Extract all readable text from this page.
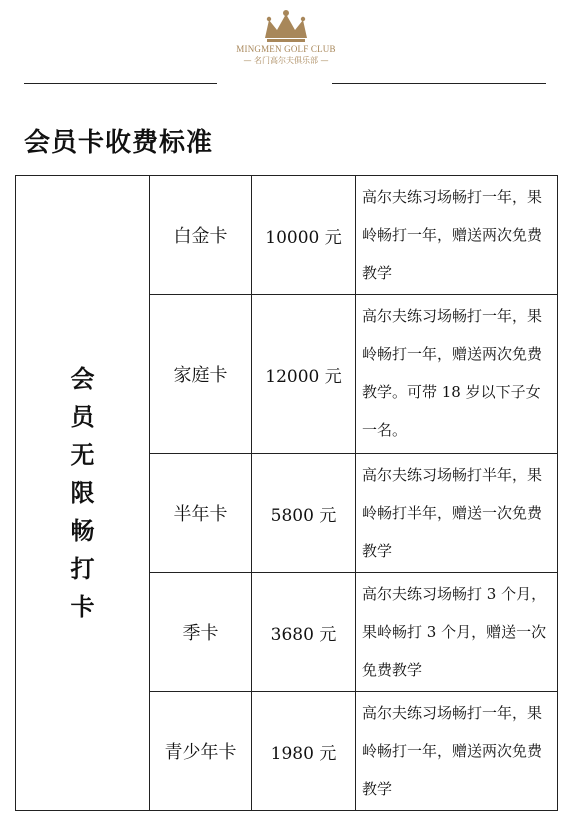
MINGMEN GOLF CLUB
— 名门高尔夫俱乐部 —
会员卡收费标准
会员无限畅打卡	白金卡	10000 元	高尔夫练习场畅打一年，果岭畅打一年，赠送两次免费教学
	家庭卡	12000 元	高尔夫练习场畅打一年，果岭畅打一年，赠送两次免费教学。可带 18 岁以下子女一名。
	半年卡	5800 元	高尔夫练习场畅打半年，果岭畅打半年，赠送一次免费教学
	季卡	3680 元	高尔夫练习场畅打 3 个月，果岭畅打 3 个月，赠送一次免费教学
	青少年卡	1980 元	高尔夫练习场畅打一年，果岭畅打一年，赠送两次免费教学
